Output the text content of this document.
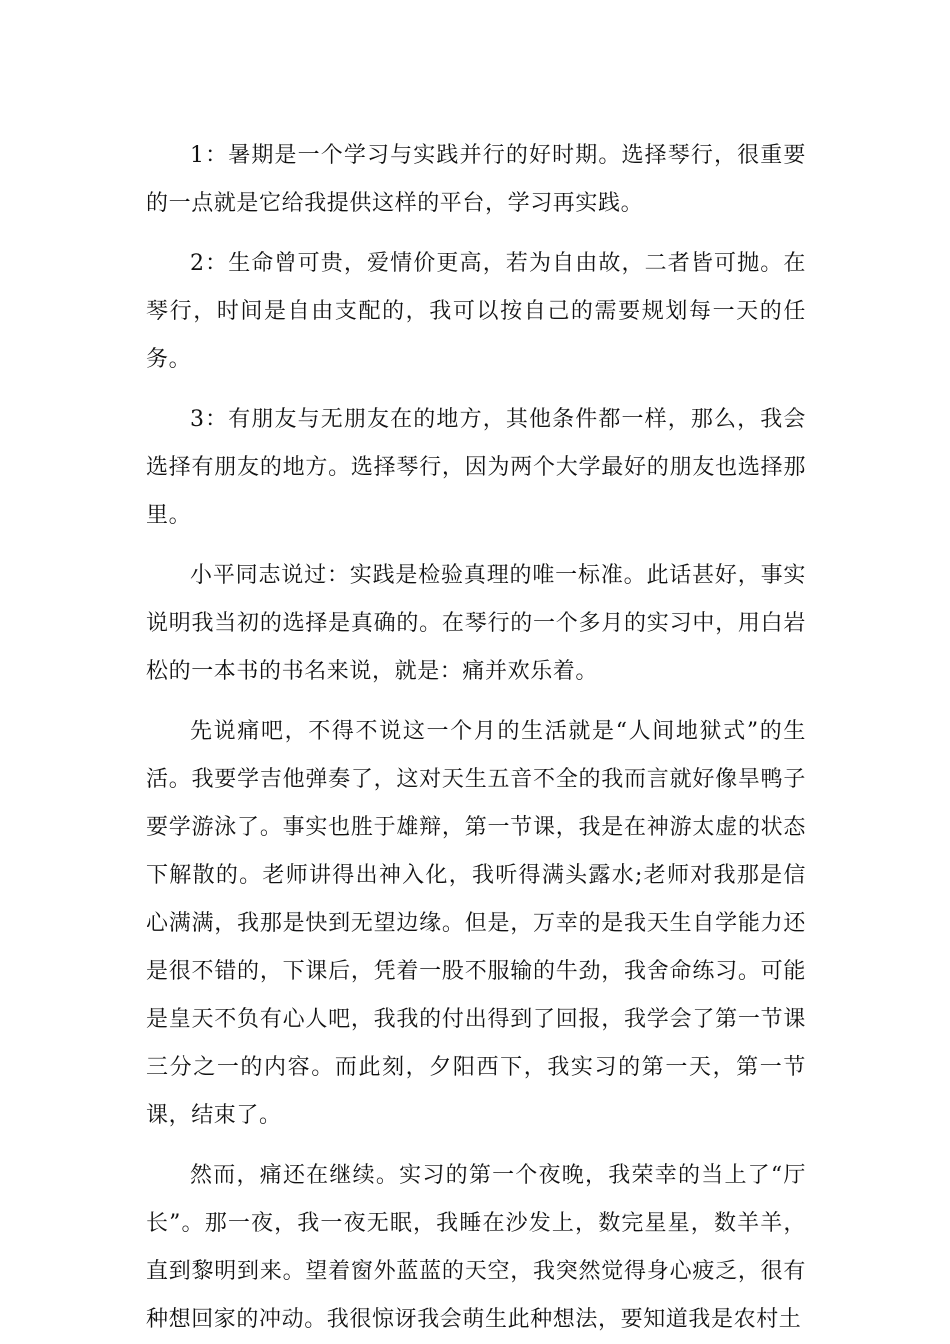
1：暑期是一个学习与实践并行的好时期。选择琴行，很重要的一点就是它给我提供这样的平台，学习再实践。

2：生命曾可贵，爱情价更高，若为自由故，二者皆可抛。在琴行，时间是自由支配的，我可以按自己的需要规划每一天的任务。

3：有朋友与无朋友在的地方，其他条件都一样，那么，我会选择有朋友的地方。选择琴行，因为两个大学最好的朋友也选择那里。

小平同志说过：实践是检验真理的唯一标准。此话甚好，事实说明我当初的选择是真确的。在琴行的一个多月的实习中，用白岩松的一本书的书名来说，就是：痛并欢乐着。

先说痛吧，不得不说这一个月的生活就是“人间地狱式”的生活。我要学吉他弹奏了，这对天生五音不全的我而言就好像旱鸭子要学游泳了。事实也胜于雄辩，第一节课，我是在神游太虚的状态下解散的。老师讲得出神入化，我听得满头露水;老师对我那是信心满满，我那是快到无望边缘。但是，万幸的是我天生自学能力还是很不错的，下课后，凭着一股不服输的牛劲，我舍命练习。可能是皇天不负有心人吧，我我的付出得到了回报，我学会了第一节课三分之一的内容。而此刻，夕阳西下，我实习的第一天，第一节课，结束了。

然而，痛还在继续。实习的第一个夜晚，我荣幸的当上了“厅长”。那一夜，我一夜无眠，我睡在沙发上，数完星星，数羊羊，直到黎明到来。望着窗外蓝蓝的天空，我突然觉得身心疲乏，很有种想回家的冲动。我很惊讶我会萌生此种想法，要知道我是农村土
